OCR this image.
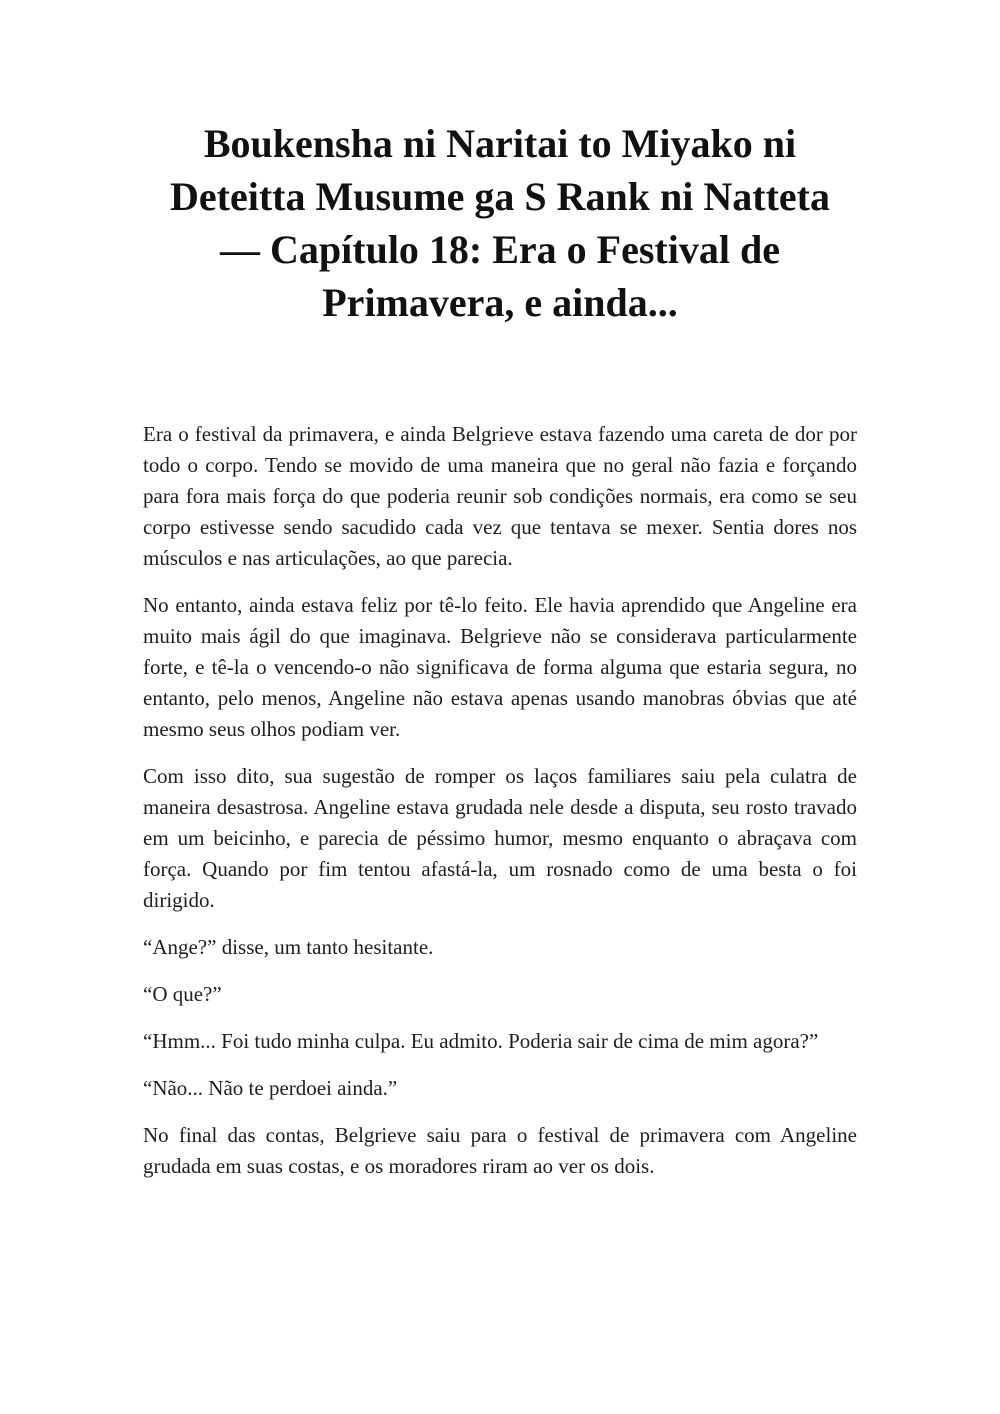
Boukensha ni Naritai to Miyako ni Deteitta Musume ga S Rank ni Natteta — Capítulo 18: Era o Festival de Primavera, e ainda...

Era o festival da primavera, e ainda Belgrieve estava fazendo uma careta de dor por todo o corpo. Tendo se movido de uma maneira que no geral não fazia e forçando para fora mais força do que poderia reunir sob condições normais, era como se seu corpo estivesse sendo sacudido cada vez que tentava se mexer. Sentia dores nos músculos e nas articulações, ao que parecia.

No entanto, ainda estava feliz por tê-lo feito. Ele havia aprendido que Angeline era muito mais ágil do que imaginava. Belgrieve não se considerava particularmente forte, e tê-la o vencendo-o não significava de forma alguma que estaria segura, no entanto, pelo menos, Angeline não estava apenas usando manobras óbvias que até mesmo seus olhos podiam ver.

Com isso dito, sua sugestão de romper os laços familiares saiu pela culatra de maneira desastrosa. Angeline estava grudada nele desde a disputa, seu rosto travado em um beicinho, e parecia de péssimo humor, mesmo enquanto o abraçava com força. Quando por fim tentou afastá-la, um rosnado como de uma besta o foi dirigido.

“Ange?” disse, um tanto hesitante.

“O que?”

“Hmm... Foi tudo minha culpa. Eu admito. Poderia sair de cima de mim agora?”

“Não... Não te perdoei ainda.”

No final das contas, Belgrieve saiu para o festival de primavera com Angeline grudada em suas costas, e os moradores riram ao ver os dois.
